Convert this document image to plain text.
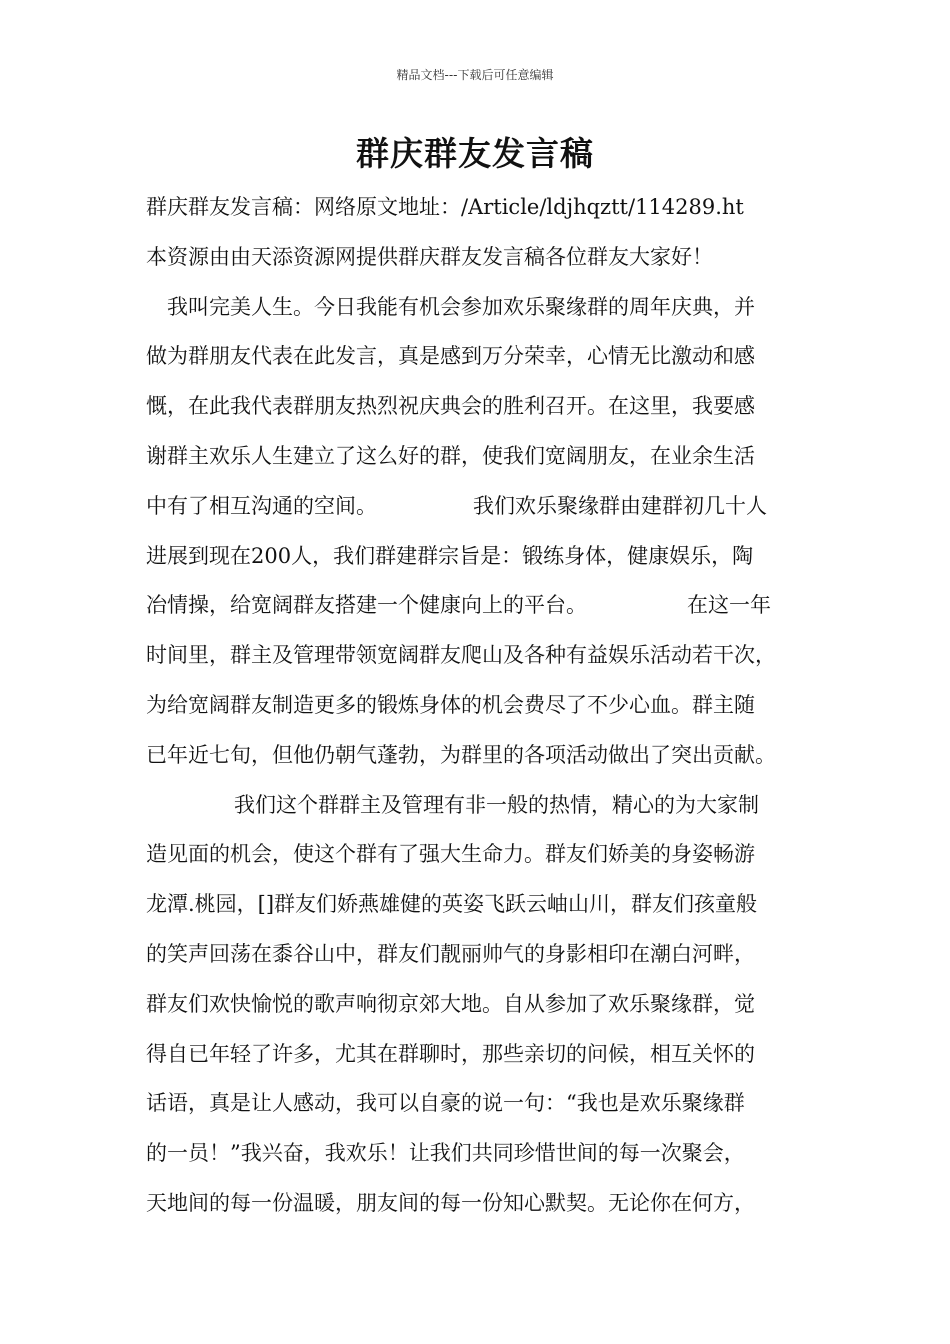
精品文档---下载后可任意编辑
群庆群友发言稿
群庆群友发言稿：网络原文地址：/Article/ldjhqztt/114289.ht
本资源由由天添资源网提供群庆群友发言稿各位群友大家好！
我叫完美人生。今日我能有机会参加欢乐聚缘群的周年庆典，并
做为群朋友代表在此发言，真是感到万分荣幸，心情无比激动和感
慨，在此我代表群朋友热烈祝庆典会的胜利召开。在这里，我要感
谢群主欢乐人生建立了这么好的群，使我们宽阔朋友，在业余生活
中有了相互沟通的空间。	我们欢乐聚缘群由建群初几十人
进展到现在200人，我们群建群宗旨是：锻练身体，健康娱乐，陶
冶情操，给宽阔群友搭建一个健康向上的平台。	在这一年
时间里，群主及管理带领宽阔群友爬山及各种有益娱乐活动若干次，
为给宽阔群友制造更多的锻炼身体的机会费尽了不少心血。群主随
已年近七旬，但他仍朝气蓬勃，为群里的各项活动做出了突出贡献。
我们这个群群主及管理有非一般的热情，精心的为大家制
造见面的机会，使这个群有了强大生命力。群友们娇美的身姿畅游
龙潭.桃园，[]群友们娇燕雄健的英姿飞跃云岫山川，群友们孩童般
的笑声回荡在黍谷山中，群友们靓丽帅气的身影相印在潮白河畔，
群友们欢快愉悦的歌声响彻京郊大地。自从参加了欢乐聚缘群，觉
得自已年轻了许多，尤其在群聊时，那些亲切的问候，相互关怀的
话语，真是让人感动，我可以自豪的说一句：“我也是欢乐聚缘群
的一员！”我兴奋，我欢乐！让我们共同珍惜世间的每一次聚会，
天地间的每一份温暖，朋友间的每一份知心默契。无论你在何方，
